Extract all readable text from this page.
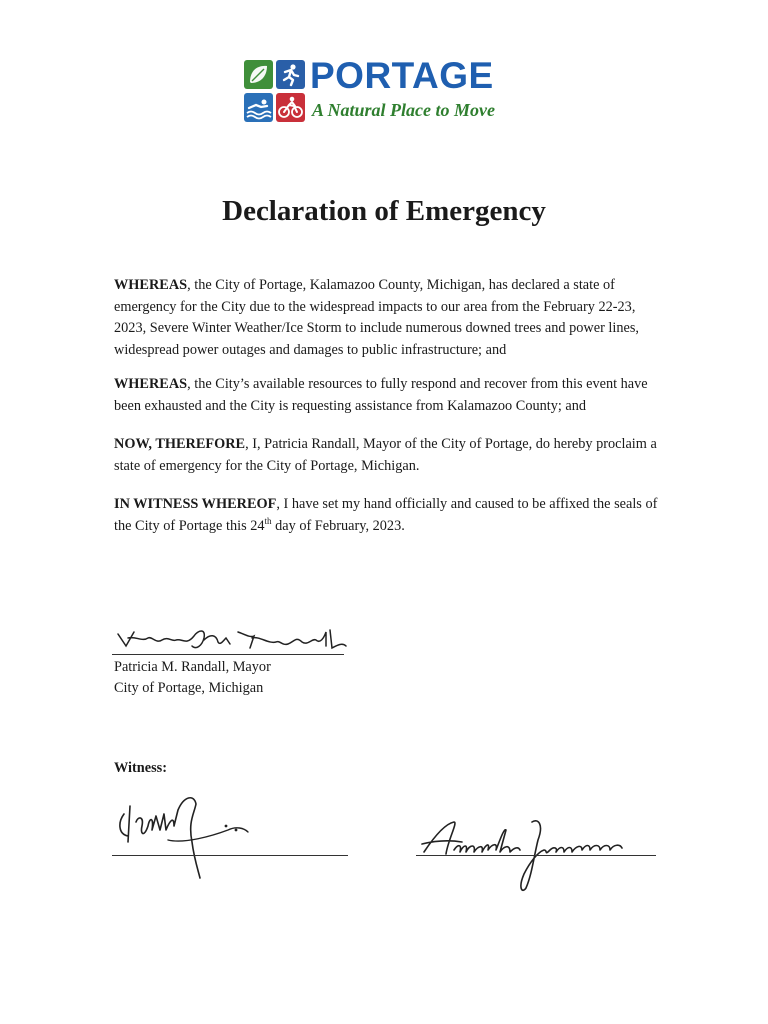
PORTAGE
A Natural Place to Move
Declaration of Emergency
WHEREAS, the City of Portage, Kalamazoo County, Michigan, has declared a state of emergency for the City due to the widespread impacts to our area from the February 22-23, 2023, Severe Winter Weather/Ice Storm to include numerous downed trees and power lines, widespread power outages and damages to public infrastructure; and
WHEREAS, the City’s available resources to fully respond and recover from this event have been exhausted and the City is requesting assistance from Kalamazoo County; and
NOW, THEREFORE, I, Patricia Randall, Mayor of the City of Portage, do hereby proclaim a state of emergency for the City of Portage, Michigan.
IN WITNESS WHEREOF, I have set my hand officially and caused to be affixed the seals of the City of Portage this 24th day of February, 2023.
Patricia M. Randall, Mayor
City of Portage, Michigan
Witness:
